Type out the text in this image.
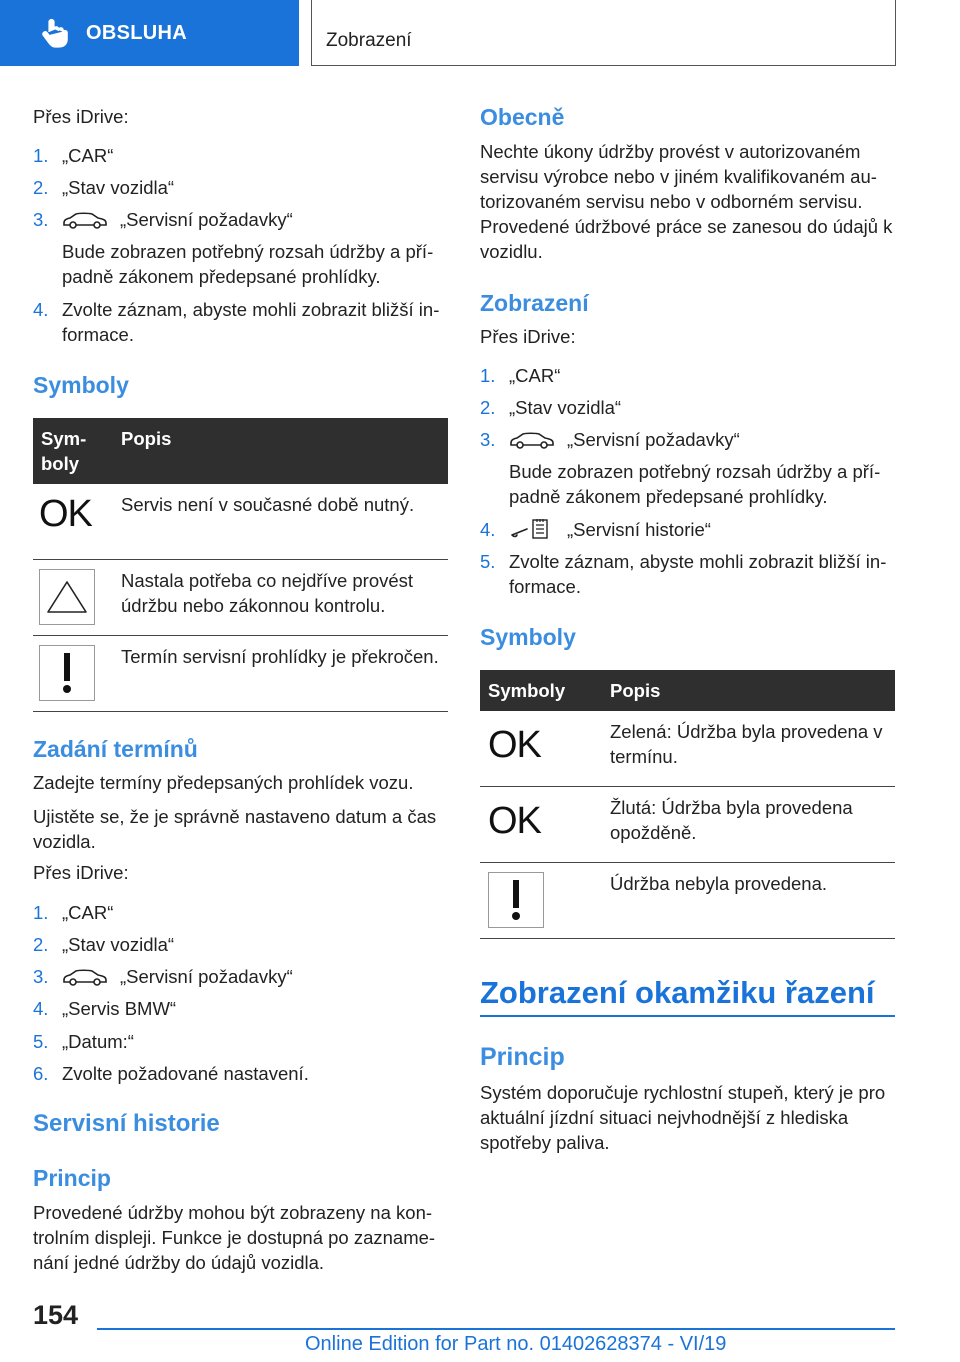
OBSLUHA	Zobrazení
Přes iDrive:
1. „CAR“
2. „Stav vozidla“
3.	„Servisní požadavky“
Bude zobrazen potřebný rozsah údržby a případně zákonem předepsané prohlídky.
4. Zvolte záznam, abyste mohli zobrazit bližší informace.
Symboly
Symboly	Popis
OK	Servis není v současné době nutný.

	Nastala potřeba co nejdříve provést údržbu nebo zákonnou kontrolu.

	Termín servisní prohlídky je překročen.
Zadání termínů
Zadejte termíny předepsaných prohlídek vozu.
Ujistěte se, že je správně nastaveno datum a čas vozidla.
Přes iDrive:
1. „CAR“
2. „Stav vozidla“
3.	„Servisní požadavky“
4. „Servis BMW“
5. „Datum:“
6. Zvolte požadované nastavení.
Servisní historie
Princip
Provedené údržby mohou být zobrazeny na kontrolním displeji. Funkce je dostupná po zaznamenání jedné údržby do údajů vozidla.
Obecně
Nechte úkony údržby provést v autorizovaném servisu výrobce nebo v jiném kvalifikovaném autorizovaném servisu nebo v odborném servisu. Provedené údržbové práce se zanesou do údajů k vozidlu.
Zobrazení
Přes iDrive:
1. „CAR“
2. „Stav vozidla“
3.	„Servisní požadavky“
Bude zobrazen potřebný rozsah údržby a případně zákonem předepsané prohlídky.
4.	„Servisní historie“
5. Zvolte záznam, abyste mohli zobrazit bližší informace.
Symboly
Symboly	Popis
OK	Zelená: Údržba byla provedena v termínu.
OK	Žlutá: Údržba byla provedena opožděně.

	Údržba nebyla provedena.
Zobrazení okamžiku řazení
Princip
Systém doporučuje rychlostní stupeň, který je pro aktuální jízdní situaci nejvhodnější z hlediska spotřeby paliva.
154
Online Edition for Part no. 01402628374 - VI/19
